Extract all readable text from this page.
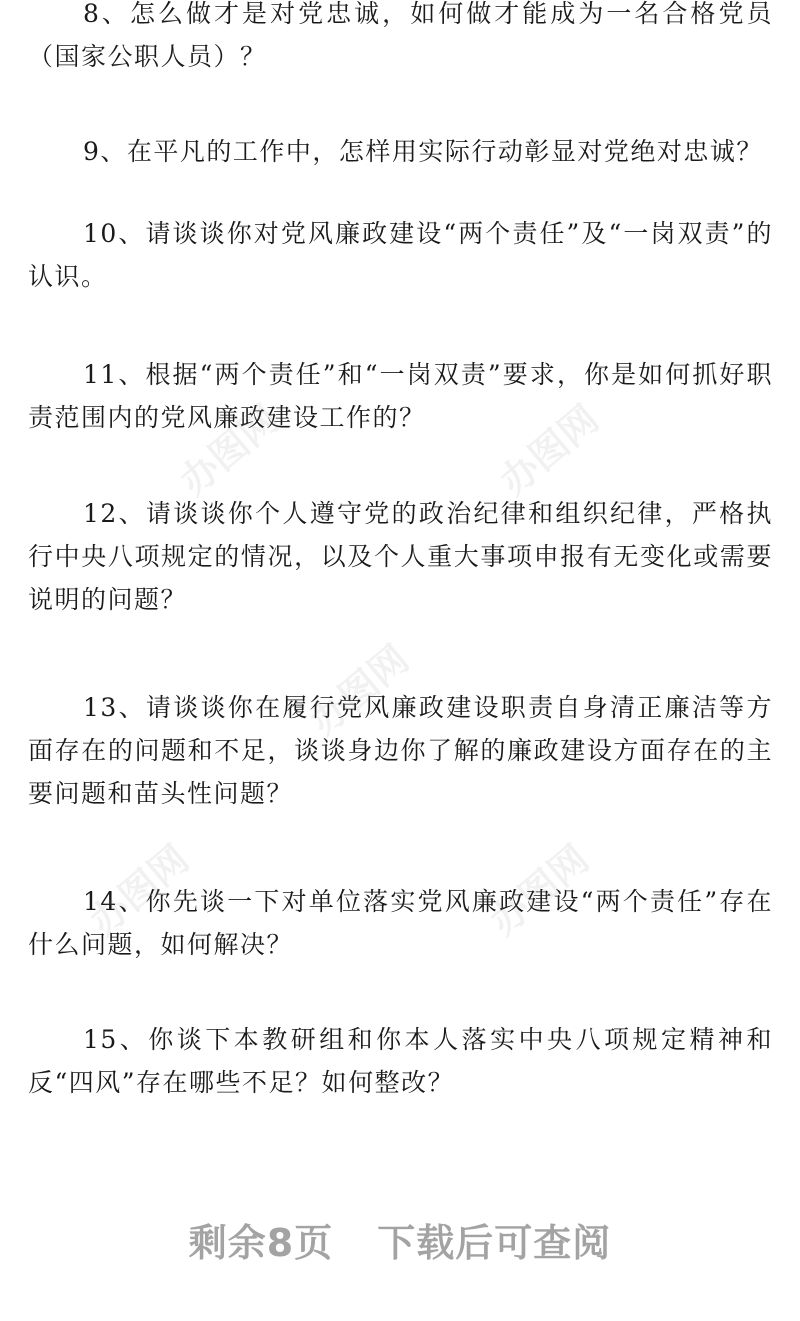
8、怎么做才是对党忠诚，如何做才能成为一名合格党员（国家公职人员）？

9、在平凡的工作中，怎样用实际行动彰显对党绝对忠诚？

10、请谈谈你对党风廉政建设“两个责任”及“一岗双责”的认识。

11、根据“两个责任”和“一岗双责”要求，你是如何抓好职责范围内的党风廉政建设工作的？

12、请谈谈你个人遵守党的政治纪律和组织纪律，严格执行中央八项规定的情况，以及个人重大事项申报有无变化或需要说明的问题？

13、请谈谈你在履行党风廉政建设职责自身清正廉洁等方面存在的问题和不足，谈谈身边你了解的廉政建设方面存在的主要问题和苗头性问题？

14、你先谈一下对单位落实党风廉政建设“两个责任”存在什么问题，如何解决？

15、你谈下本教研组和你本人落实中央八项规定精神和反“四风”存在哪些不足？如何整改？

办图网	办图网
办图网
办图网	办图网
剩余8页 下载后可查阅
